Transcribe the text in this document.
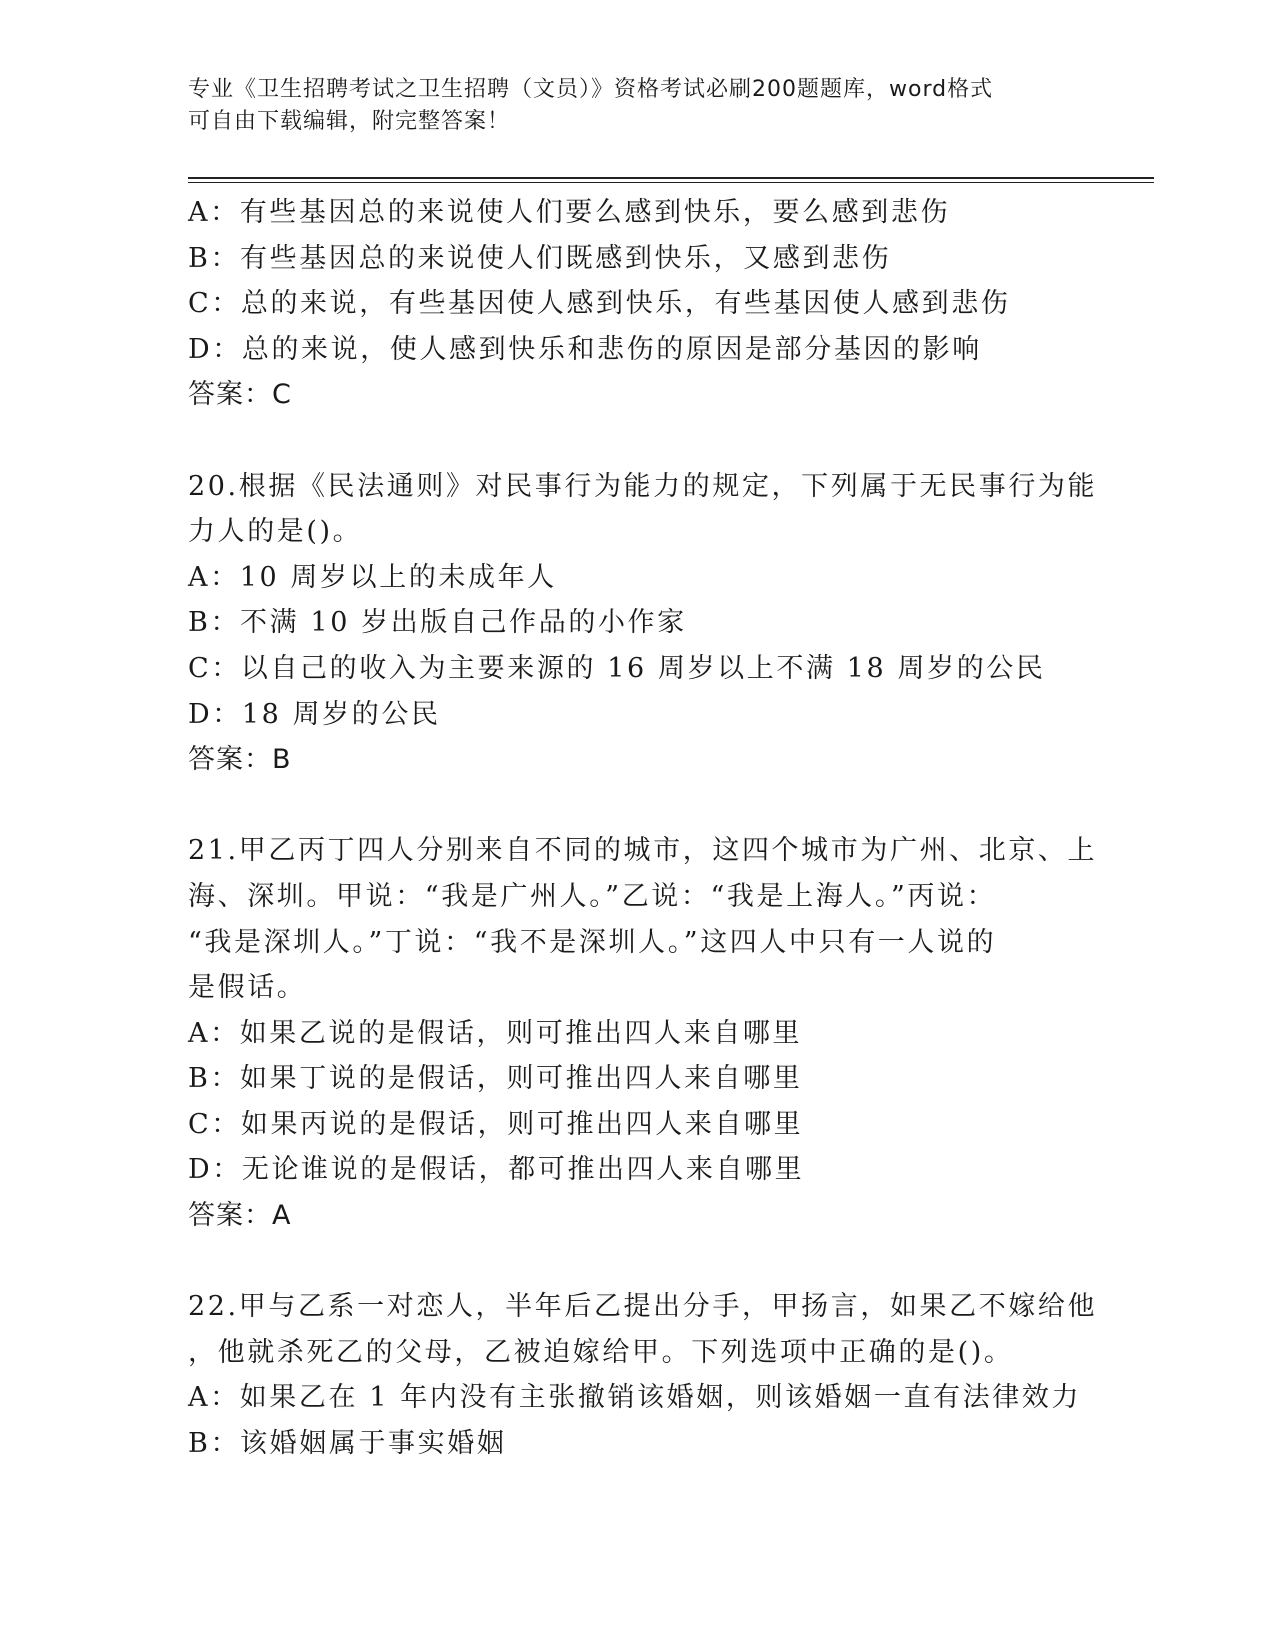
专业《卫生招聘考试之卫生招聘（文员）》资格考试必刷200题题库，word格式
可自由下载编辑，附完整答案！
A：有些基因总的来说使人们要么感到快乐，要么感到悲伤
B：有些基因总的来说使人们既感到快乐，又感到悲伤
C：总的来说，有些基因使人感到快乐，有些基因使人感到悲伤
D：总的来说，使人感到快乐和悲伤的原因是部分基因的影响
答案：C
20.根据《民法通则》对民事行为能力的规定，下列属于无民事行为能
力人的是()。
A：10 周岁以上的未成年人
B：不满 10 岁出版自己作品的小作家
C：以自己的收入为主要来源的 16 周岁以上不满 18 周岁的公民
D：18 周岁的公民
答案：B
21.甲乙丙丁四人分别来自不同的城市，这四个城市为广州、北京、上
海、深圳。甲说：“我是广州人。”乙说：“我是上海人。”丙说：
“我是深圳人。”丁说：“我不是深圳人。”这四人中只有一人说的
是假话。
A：如果乙说的是假话，则可推出四人来自哪里
B：如果丁说的是假话，则可推出四人来自哪里
C：如果丙说的是假话，则可推出四人来自哪里
D：无论谁说的是假话，都可推出四人来自哪里
答案：A
22.甲与乙系一对恋人，半年后乙提出分手，甲扬言，如果乙不嫁给他
，他就杀死乙的父母，乙被迫嫁给甲。下列选项中正确的是()。
A：如果乙在 1 年内没有主张撤销该婚姻，则该婚姻一直有法律效力
B：该婚姻属于事实婚姻
